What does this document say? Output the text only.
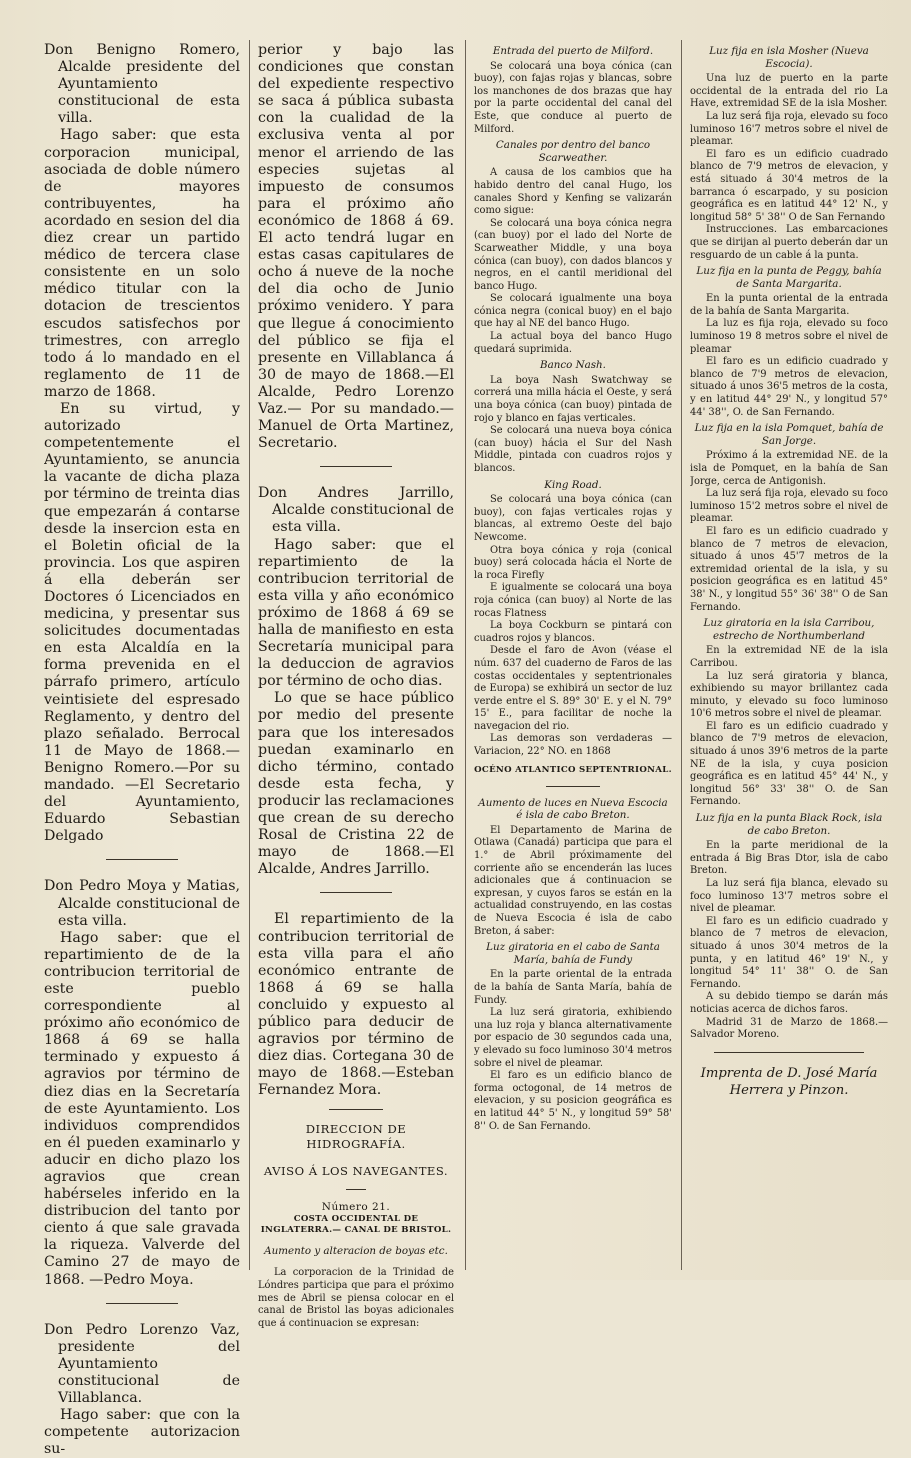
Don Benigno Romero, Alcalde presidente del Ayuntamiento constitucional de esta villa.

Hago saber: que esta corporacion municipal, asociada de doble número de mayores contribuyentes, ha acordado en sesion del dia diez crear un partido médico de tercera clase consistente en un solo médico titular con la dotacion de trescientos escudos satisfechos por trimestres, con arreglo todo á lo mandado en el reglamento de 11 de marzo de 1868.

En su virtud, y autorizado competentemente el Ayuntamiento, se anuncia la vacante de dicha plaza por término de treinta dias que empezarán á contarse desde la insercion esta en el Boletin oficial de la provincia. Los que aspiren á ella deberán ser Doctores ó Licenciados en medicina, y presentar sus solicitudes documentadas en esta Alcaldía en la forma prevenida en el párrafo primero, artículo veintisiete del espresado Reglamento, y dentro del plazo señalado. Berrocal 11 de Mayo de 1868.—Benigno Romero.—Por su mandado. —El Secretario del Ayuntamiento, Eduardo Sebastian Delgado

Don Pedro Moya y Matias, Alcalde constitucional de esta villa.

Hago saber: que el repartimiento de de la contribucion territorial de este pueblo correspondiente al próximo año económico de 1868 á 69 se halla terminado y expuesto á agravios por término de diez dias en la Secretaría de este Ayuntamiento. Los individuos comprendidos en él pueden examinarlo y aducir en dicho plazo los agravios que crean habérseles inferido en la distribucion del tanto por ciento á que sale gravada la riqueza. Valverde del Camino 27 de mayo de 1868. —Pedro Moya.

Don Pedro Lorenzo Vaz, presidente del Ayuntamiento constitucional de Villablanca.

Hago saber: que con la competente autorizacion su-

perior y bajo las condiciones que constan del expediente respectivo se saca á pública subasta con la cualidad de la exclusiva venta al por menor el arriendo de las especies sujetas al impuesto de consumos para el próximo año económico de 1868 á 69. El acto tendrá lugar en estas casas capitulares de ocho á nueve de la noche del dia ocho de Junio próximo venidero. Y para que llegue á conocimiento del público se fija el presente en Villablanca á 30 de mayo de 1868.—El Alcalde, Pedro Lorenzo Vaz.— Por su mandado.—Manuel de Orta Martinez, Secretario.

Don Andres Jarrillo, Alcalde constitucional de esta villa.

Hago saber: que el repartimiento de la contribucion territorial de esta villa y año económico próximo de 1868 á 69 se halla de manifiesto en esta Secretaría municipal para la deduccion de agravios por término de ocho dias.

Lo que se hace público por medio del presente para que los interesados puedan examinarlo en dicho término, contado desde esta fecha, y producir las reclamaciones que crean de su derecho Rosal de Cristina 22 de mayo de 1868.—El Alcalde, Andres Jarrillo.

El repartimiento de la contribucion territorial de esta villa para el año económico entrante de 1868 á 69 se halla concluido y expuesto al público para deducir de agravios por término de diez dias. Cortegana 30 de mayo de 1868.—Esteban Fernandez Mora.

DIRECCION DE HIDROGRAFÍA.

AVISO Á LOS NAVEGANTES.

Número 21.

COSTA OCCIDENTAL DE INGLATERRA.— CANAL DE BRISTOL.

Aumento y alteracion de boyas etc.

La corporacion de la Trinidad de Lóndres participa que para el próximo mes de Abril se piensa colocar en el canal de Bristol las boyas adicionales que á continuacion se expresan:

Entrada del puerto de Milford.

Se colocará una boya cónica (can buoy), con fajas rojas y blancas, sobre los manchones de dos brazas que hay por la parte occidental del canal del Este, que conduce al puerto de Milford.

Canales por dentro del banco Scarweather.

A causa de los cambios que ha habido dentro del canal Hugo, los canales Shord y Kenfing se valizarán como sigue:

Se colocará una boya cónica negra (can buoy) por el lado del Norte de Scarweather Middle, y una boya cónica (can buoy), con dados blancos y negros, en el cantil meridional del banco Hugo.

Se colocará igualmente una boya cónica negra (conical buoy) en el bajo que hay al NE del banco Hugo.

La actual boya del banco Hugo quedará suprimida.

Banco Nash.

La boya Nash Swatchway se correrá una milla hácia el Oeste, y será una boya cónica (can buoy) pintada de rojo y blanco en fajas verticales.

Se colocará una nueva boya cónica (can buoy) hácia el Sur del Nash Middle, pintada con cuadros rojos y blancos.

King Road.

Se colocará una boya cónica (can buoy), con fajas verticales rojas y blancas, al extremo Oeste del bajo Newcome.

Otra boya cónica y roja (conical buoy) será colocada hácia el Norte de la roca Firefly

E igualmente se colocará una boya roja cónica (can buoy) al Norte de las rocas Flatness

La boya Cockburn se pintará con cuadros rojos y blancos.

Desde el faro de Avon (véase el núm. 637 del cuaderno de Faros de las costas occidentales y septentrionales de Europa) se exhibirá un sector de luz verde entre el S. 89° 30' E. y el N. 79° 15' E., para facilitar de noche la navegacion del rio.

Las demoras son verdaderas —Variacion, 22° NO. en 1868

OCÉNO ATLANTICO SEPTENTRIONAL.

Aumento de luces en Nueva Escocia é isla de cabo Breton.

El Departamento de Marina de Otlawa (Canadá) participa que para el 1.° de Abril próximamente del corriente año se encenderán las luces adicionales que á continuacion se expresan, y cuyos faros se están en la actualidad construyendo, en las costas de Nueva Escocia é isla de cabo Breton, á saber:

Luz giratoria en el cabo de Santa María, bahía de Fundy

En la parte oriental de la entrada de la bahía de Santa María, bahía de Fundy.

La luz será giratoria, exhibiendo una luz roja y blanca alternativamente por espacio de 30 segundos cada una, y elevado su foco luminoso 30'4 metros sobre el nivel de pleamar.

El faro es un edificio blanco de forma octogonal, de 14 metros de elevacion, y su posicion geográfica es en latitud 44° 5' N., y longitud 59° 58' 8'' O. de San Fernando.

Luz fija en isla Mosher (Nueva Escocia).

Una luz de puerto en la parte occidental de la entrada del rio La Have, extremidad SE de la isla Mosher.

La luz será fija roja, elevado su foco luminoso 16'7 metros sobre el nivel de pleamar.

El faro es un edificio cuadrado blanco de 7'9 metros de elevacion, y está situado á 30'4 metros de la barranca ó escarpado, y su posicion geográfica es en latitud 44° 12' N., y longitud 58° 5' 38'' O de San Fernando

Instrucciones. Las embarcaciones que se dirijan al puerto deberán dar un resguardo de un cable á la punta.

Luz fija en la punta de Peggy, bahía de Santa Margarita.

En la punta oriental de la entrada de la bahía de Santa Margarita.

La luz es fija roja, elevado su foco luminoso 19 8 metros sobre el nivel de pleamar

El faro es un edificio cuadrado y blanco de 7'9 metros de elevacion, situado á unos 36'5 metros de la costa, y en latitud 44° 29' N., y longitud 57° 44' 38'', O. de San Fernando.

Luz fija en la isla Pomquet, bahía de San Jorge.

Próximo á la extremidad NE. de la isla de Pomquet, en la bahía de San Jorge, cerca de Antigonish.

La luz será fija roja, elevado su foco luminoso 15'2 metros sobre el nivel de pleamar.

El faro es un edificio cuadrado y blanco de 7 metros de elevacion, situado á unos 45'7 metros de la extremidad oriental de la isla, y su posicion geográfica es en latitud 45° 38' N., y longitud 55° 36' 38'' O de San Fernando.

Luz giratoria en la isla Carribou, estrecho de Northumberland

En la extremidad NE de la isla Carribou.

La luz será giratoria y blanca, exhibiendo su mayor brillantez cada minuto, y elevado su foco luminoso 10'6 metros sobre el nivel de pleamar.

El faro es un edificio cuadrado y blanco de 7'9 metros de elevacion, situado á unos 39'6 metros de la parte NE de la isla, y cuya posicion geográfica es en latitud 45° 44' N., y longitud 56° 33' 38'' O. de San Fernando.

Luz fija en la punta Black Rock, isla de cabo Breton.

En la parte meridional de la entrada á Big Bras Dtor, isla de cabo Breton.

La luz será fija blanca, elevado su foco luminoso 13'7 metros sobre el nivel de pleamar.

El faro es un edificio cuadrado y blanco de 7 metros de elevacion, situado á unos 30'4 metros de la punta, y en latitud 46° 19' N., y longitud 54° 11' 38'' O. de San Fernando.

A su debido tiempo se darán más noticias acerca de dichos faros.

Madrid 31 de Marzo de 1868.— Salvador Moreno.

Imprenta de D. José María

Herrera y Pinzon.
